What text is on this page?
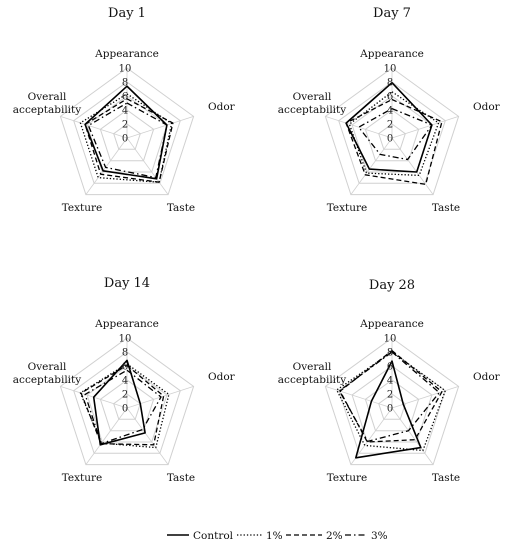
0
2
4
6
8
10
Appearance
Odor
Taste
Texture
Overall acceptability
Day 1
0
2
4
6
8
10
Appearance
Odor
Taste
Texture
Overall acceptability
Day 7
0
2
4
6
8
10
Appearance
Odor
Taste
Texture
Overall acceptability
Day 14
0
2
4
6
8
10
Appearance
Odor
Taste
Texture
Overall acceptability
Day 28
Control	1%	2%	3%
